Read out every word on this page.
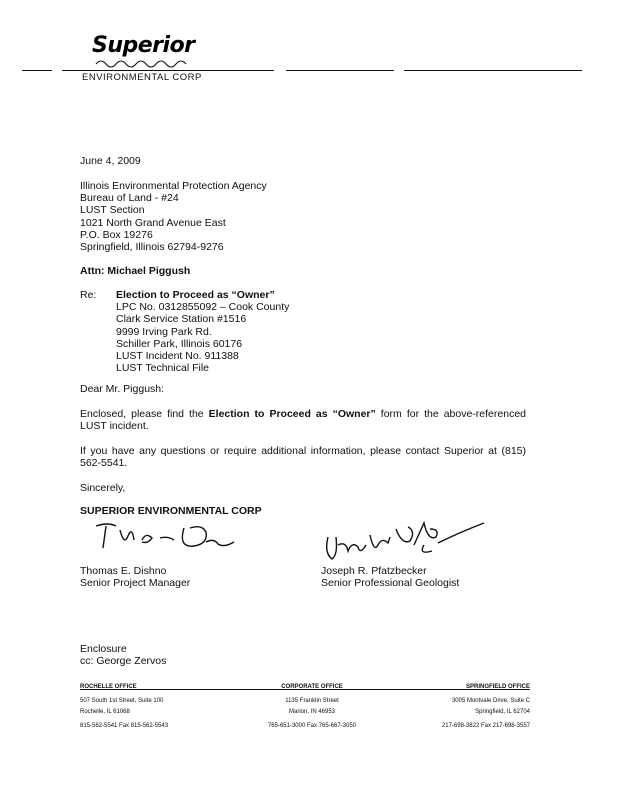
Superior
ENVIRONMENTAL CORP
June 4, 2009
Illinois Environmental Protection Agency
Bureau of Land - #24
LUST Section
1021 North Grand Avenue East
P.O. Box 19276
Springfield, Illinois 62794-9276
Attn: Michael Piggush
Re: Election to Proceed as “Owner”
LPC No. 0312855092 – Cook County
Clark Service Station #1516
9999 Irving Park Rd.
Schiller Park, Illinois 60176
LUST Incident No. 911388
LUST Technical File
Dear Mr. Piggush:
Enclosed, please find the Election to Proceed as “Owner” form for the above-referenced LUST incident.
If you have any questions or require additional information, please contact Superior at (815) 562-5541.
Sincerely,
SUPERIOR ENVIRONMENTAL CORP
Thomas E. Dishno
Senior Project Manager
Joseph R. Pfatzbecker
Senior Professional Geologist
Enclosure
cc: George Zervos
ROCHELLE OFFICE
507 South 1st Street, Suite 100
Rochelle, IL 61068
815-562-5541 Fax 815-562-5543
CORPORATE OFFICE
1135 Franklin Street
Marion, IN 46953
765-651-3000 Fax 765-667-3050
SPRINGFIELD OFFICE
3005 Montvale Drive, Suite C
Springfield, IL 62704
217-698-3822 Fax 217-698-3557
